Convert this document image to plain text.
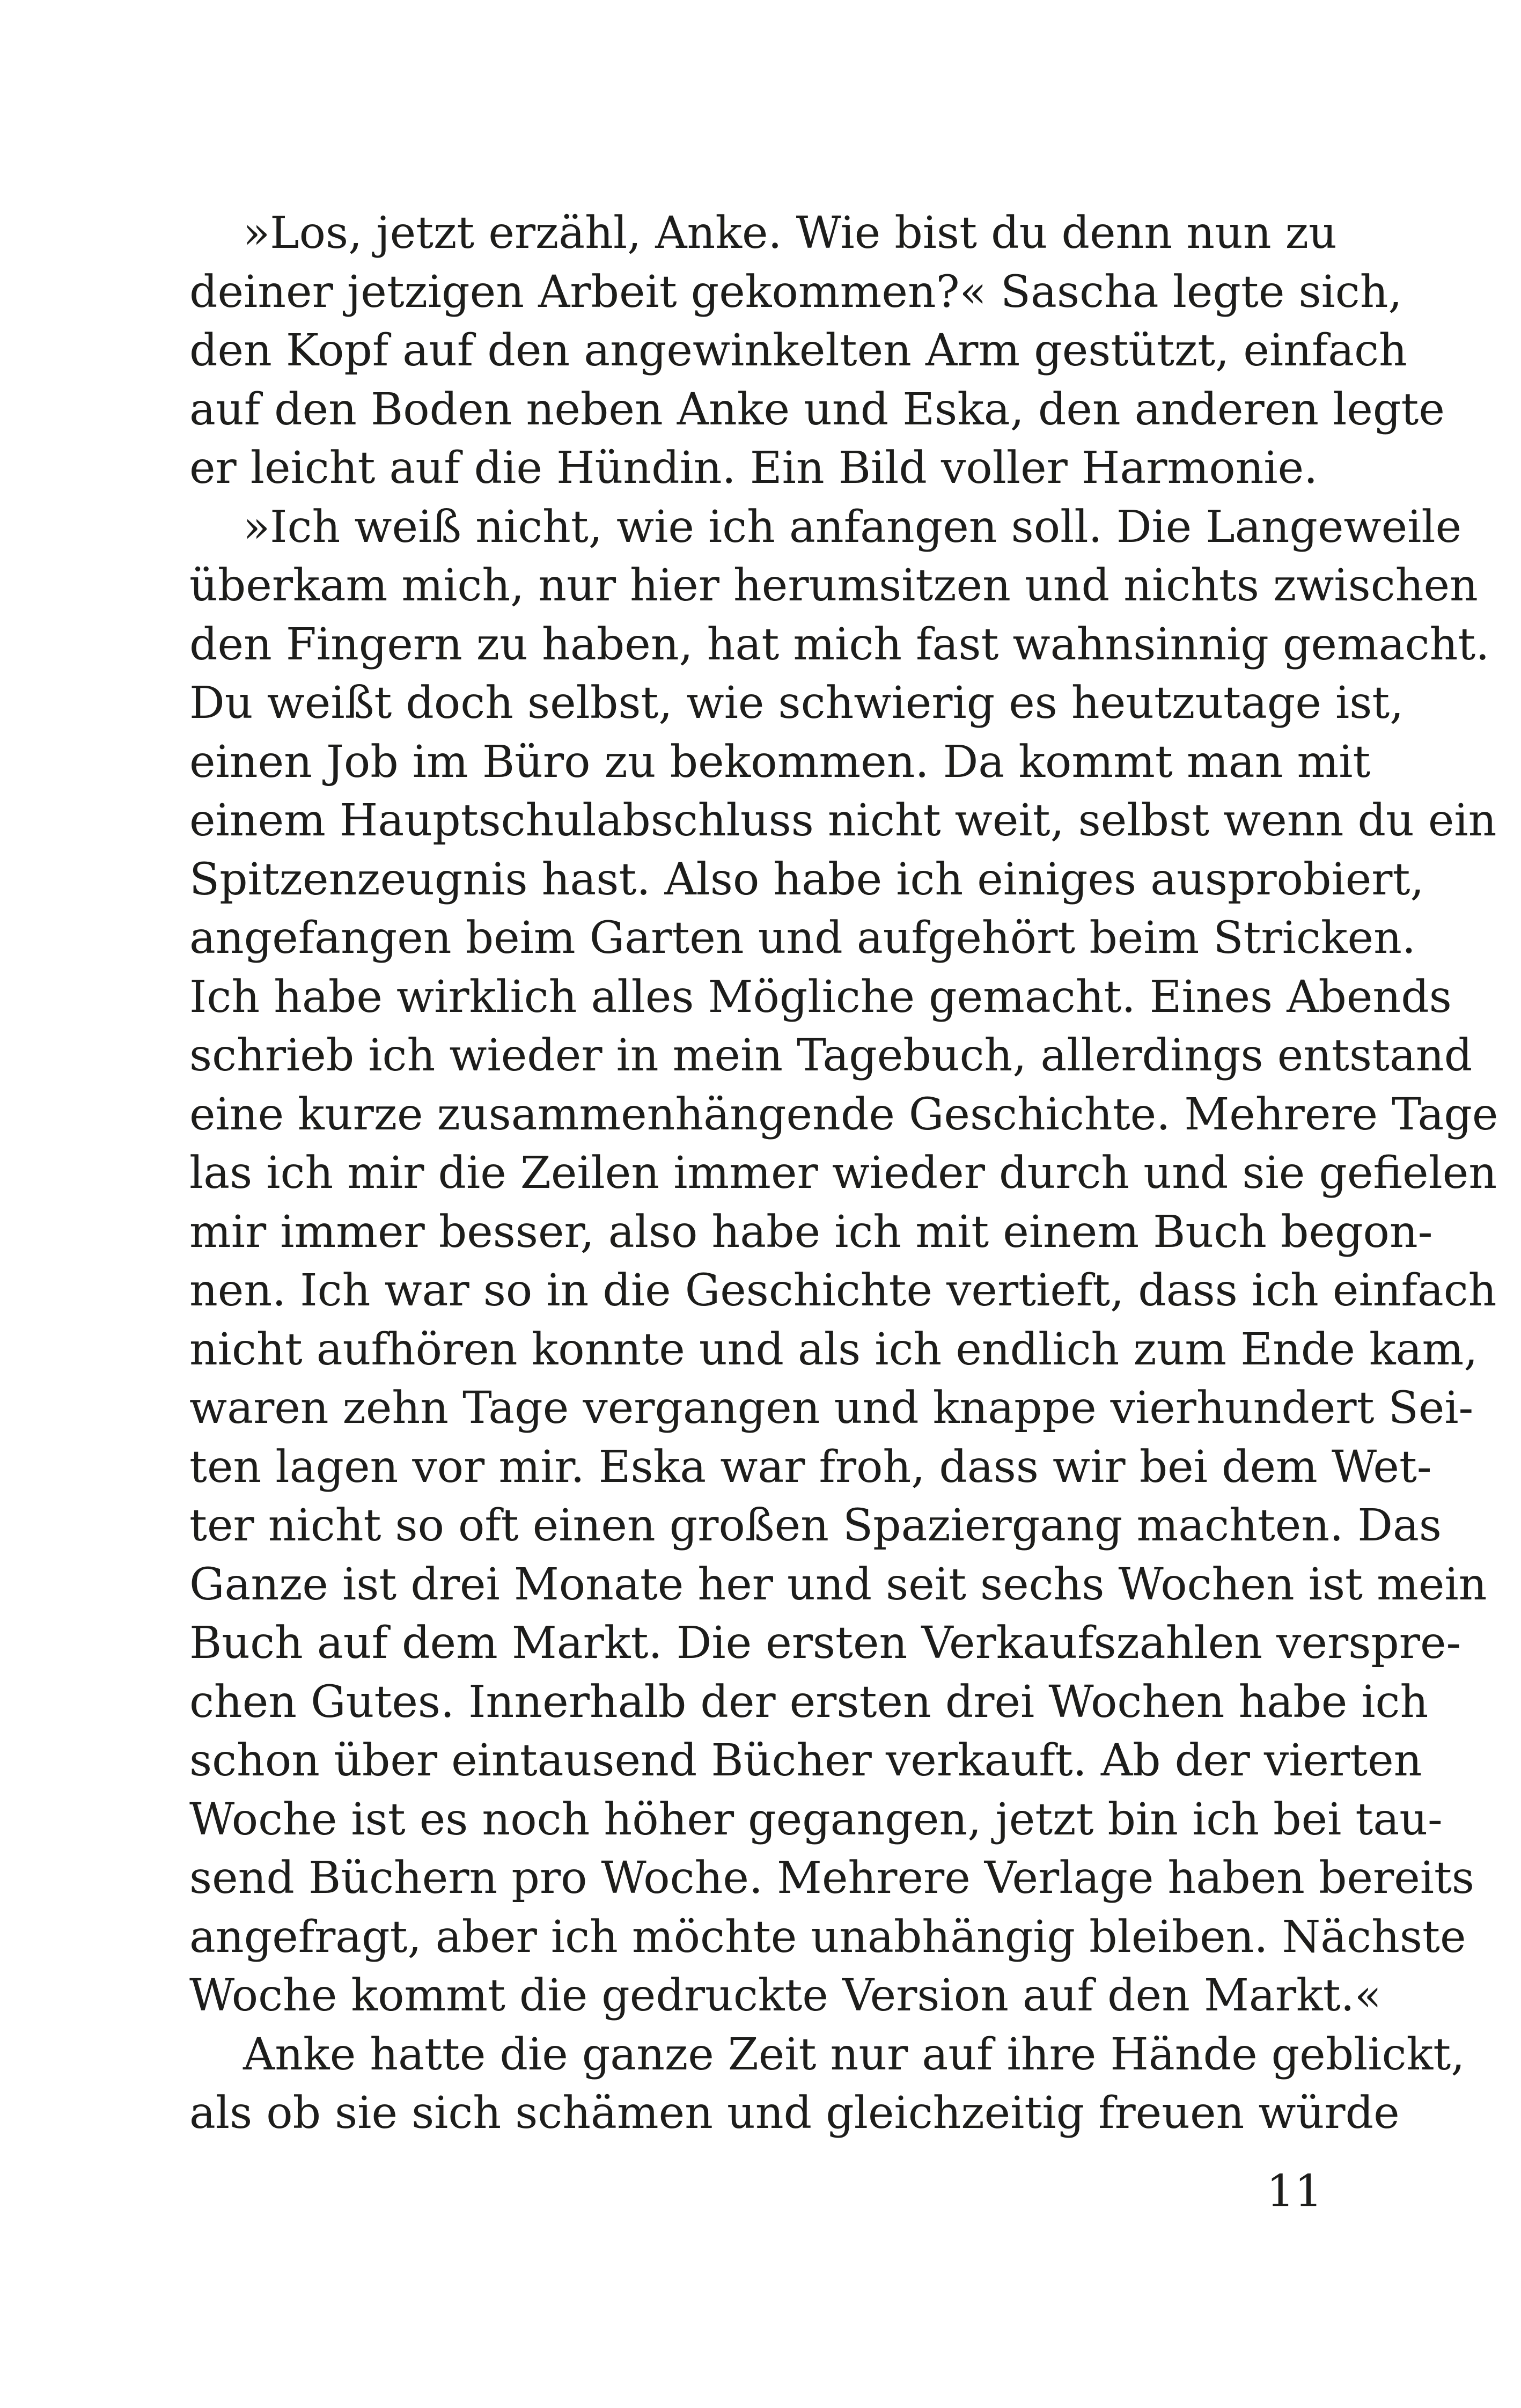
»Los, jetzt erzähl, Anke. Wie bist du denn nun zu
deiner jetzigen Arbeit gekommen?« Sascha legte sich,
den Kopf auf den angewinkelten Arm gestützt, einfach
auf den Boden neben Anke und Eska, den anderen legte
er leicht auf die Hündin. Ein Bild voller Harmonie.
»Ich weiß nicht, wie ich anfangen soll. Die Langeweile
überkam mich, nur hier herumsitzen und nichts zwischen
den Fingern zu haben, hat mich fast wahnsinnig gemacht.
Du weißt doch selbst, wie schwierig es heutzutage ist,
einen Job im Büro zu bekommen. Da kommt man mit
einem Hauptschulabschluss nicht weit, selbst wenn du ein
Spitzenzeugnis hast. Also habe ich einiges ausprobiert,
angefangen beim Garten und aufgehört beim Stricken.
Ich habe wirklich alles Mögliche gemacht. Eines Abends
schrieb ich wieder in mein Tagebuch, allerdings entstand
eine kurze zusammenhängende Geschichte. Mehrere Tage
las ich mir die Zeilen immer wieder durch und sie gefielen
mir immer besser, also habe ich mit einem Buch begon-
nen. Ich war so in die Geschichte vertieft, dass ich einfach
nicht aufhören konnte und als ich endlich zum Ende kam,
waren zehn Tage vergangen und knappe vierhundert Sei-
ten lagen vor mir. Eska war froh, dass wir bei dem Wet-
ter nicht so oft einen großen Spaziergang machten. Das
Ganze ist drei Monate her und seit sechs Wochen ist mein
Buch auf dem Markt. Die ersten Verkaufszahlen verspre-
chen Gutes. Innerhalb der ersten drei Wochen habe ich
schon über eintausend Bücher verkauft. Ab der vierten
Woche ist es noch höher gegangen, jetzt bin ich bei tau-
send Büchern pro Woche. Mehrere Verlage haben bereits
angefragt, aber ich möchte unabhängig bleiben. Nächste
Woche kommt die gedruckte Version auf den Markt.«
Anke hatte die ganze Zeit nur auf ihre Hände geblickt,
als ob sie sich schämen und gleichzeitig freuen würde
11
